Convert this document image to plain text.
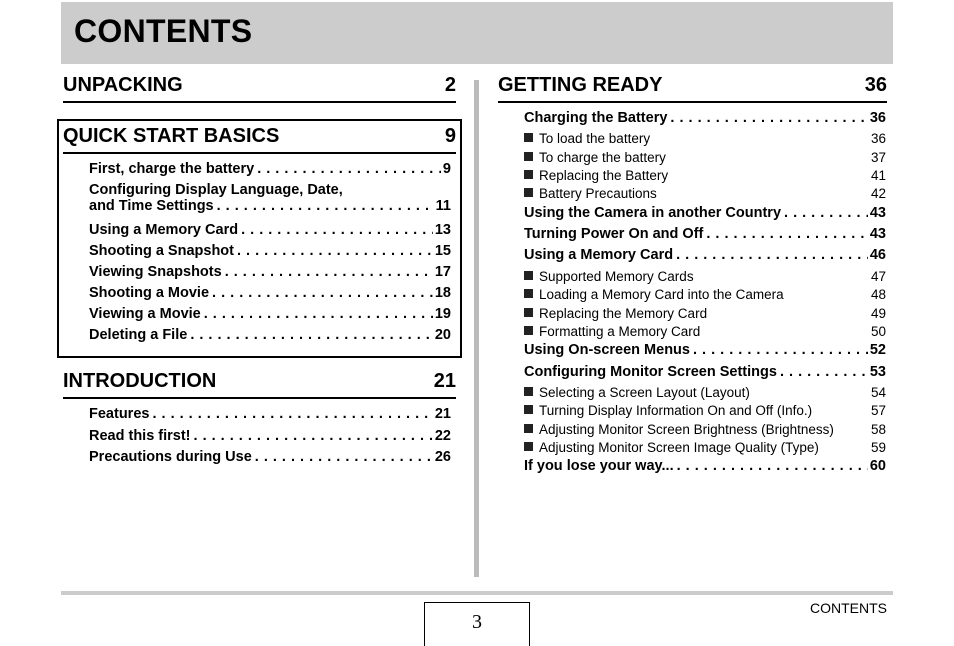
CONTENTS
UNPACKING	2
QUICK START BASICS	9
First, charge the battery . . .	9
Configuring Display Language, Date,
and Time Settings . . .	11
Using a Memory Card . . .	13
Shooting a Snapshot . . .	15
Viewing Snapshots . . .	17
Shooting a Movie . . .	18
Viewing a Movie . . .	19
Deleting a File . . .	20
INTRODUCTION	21
Features . . .	21
Read this first! . . .	22
Precautions during Use . . .	26
GETTING READY	36
Charging the Battery . . .	36
To load the battery	36
To charge the battery	37
Replacing the Battery	41
Battery Precautions	42
Using the Camera in another Country . . .	43
Turning Power On and Off . . .	43
Using a Memory Card . . .	46
Supported Memory Cards	47
Loading a Memory Card into the Camera	48
Replacing the Memory Card	49
Formatting a Memory Card	50
Using On-screen Menus . . .	52
Configuring Monitor Screen Settings . . .	53
Selecting a Screen Layout (Layout)	54
Turning Display Information On and Off (Info.)	57
Adjusting Monitor Screen Brightness (Brightness)	58
Adjusting Monitor Screen Image Quality (Type)	59
If you lose your way... . . .	60
3
CONTENTS
